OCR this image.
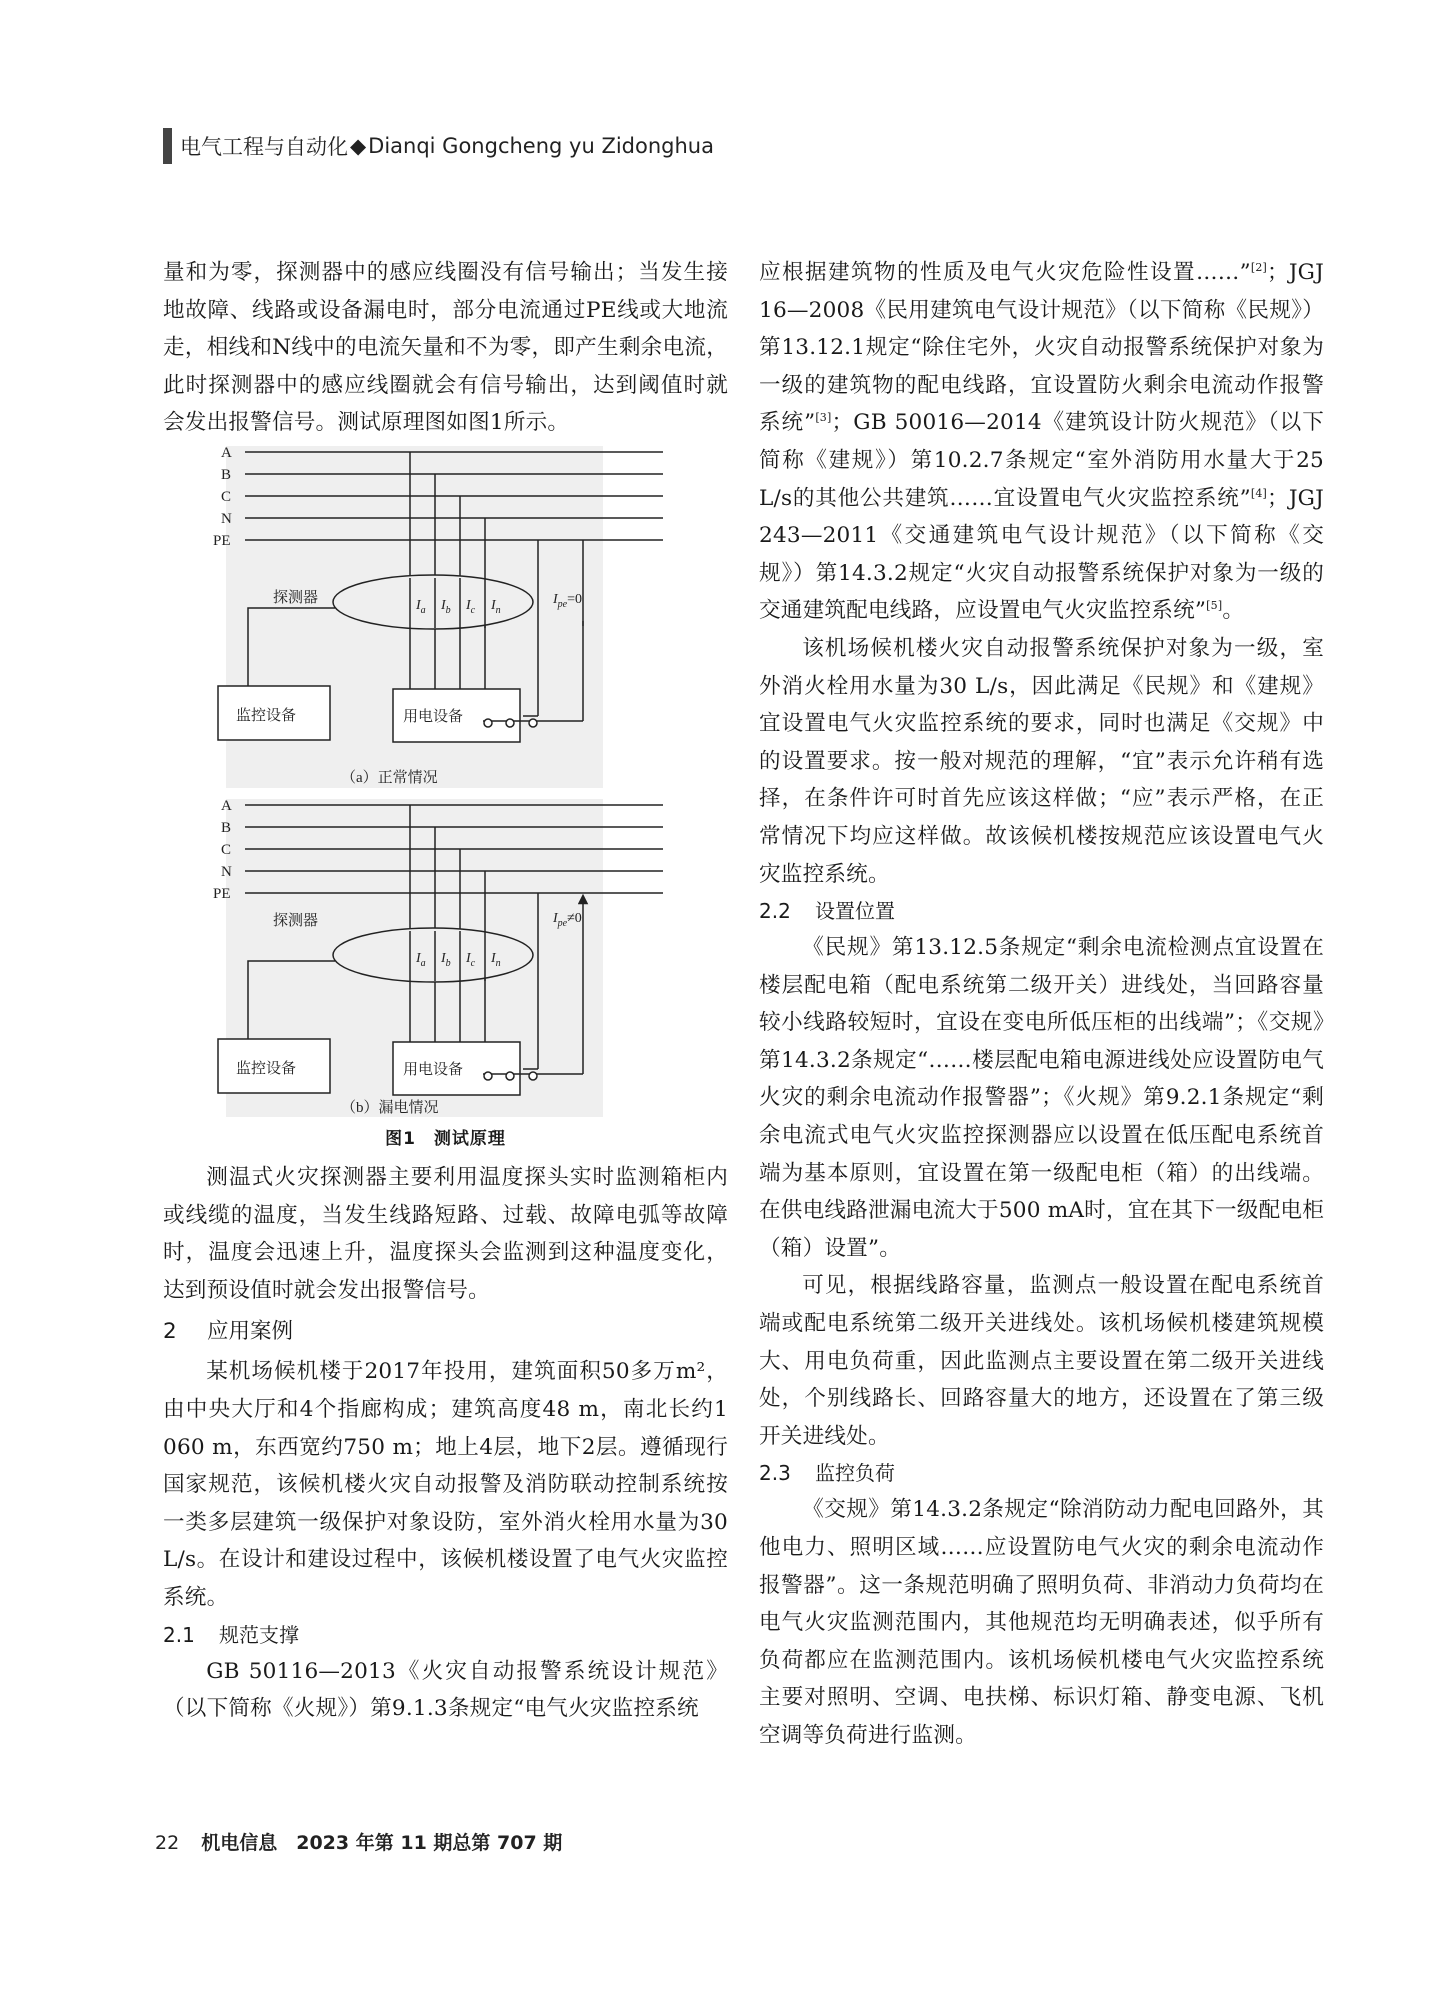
电气工程与自动化 ◆ Dianqi Gongcheng yu Zidonghua

量和为零，探测器中的感应线圈没有信号输出；当发生接地故障、线路或设备漏电时，部分电流通过PE线或大地流走，相线和N线中的电流矢量和不为零，即产生剩余电流，此时探测器中的感应线圈就会有信号输出，达到阈值时就会发出报警信号。测试原理图如图1所示。

A
B
C
N
PE
$I_a$ $I_b$ $I_c$ $I_n$
$I_{pe}=0$
探测器
监控设备	用电设备
（a）正常情况
A
B
C
N
PE
$I_a$ $I_b$ $I_c$ $I_n$
$I_{pe}\ne 0$
探测器
监控设备	用电设备
（b）漏电情况
图1　测试原理

测温式火灾探测器主要利用温度探头实时监测箱柜内或线缆的温度，当发生线路短路、过载、故障电弧等故障时，温度会迅速上升，温度探头会监测到这种温度变化，达到预设值时就会发出报警信号。

2 应用案例

某机场候机楼于2017年投用，建筑面积50多万m²，由中央大厅和4个指廊构成；建筑高度48 m，南北长约1 060 m，东西宽约750 m；地上4层，地下2层。遵循现行国家规范，该候机楼火灾自动报警及消防联动控制系统按一类多层建筑一级保护对象设防，室外消火栓用水量为30 L/s。在设计和建设过程中，该候机楼设置了电气火灾监控系统。

2.1 规范支撑

GB 50116—2013《火灾自动报警系统设计规范》（以下简称《火规》）第9.1.3条规定“电气火灾监控系统

应根据建筑物的性质及电气火灾危险性设置……”[2]；JGJ 16—2008《民用建筑电气设计规范》（以下简称《民规》）第13.12.1规定“除住宅外，火灾自动报警系统保护对象为一级的建筑物的配电线路，宜设置防火剩余电流动作报警系统”[3]；GB 50016—2014《建筑设计防火规范》（以下简称《建规》）第10.2.7条规定“室外消防用水量大于25 L/s的其他公共建筑……宜设置电气火灾监控系统”[4]；JGJ 243—2011《交通建筑电气设计规范》（以下简称《交规》）第14.3.2规定“火灾自动报警系统保护对象为一级的交通建筑配电线路，应设置电气火灾监控系统”[5]。

该机场候机楼火灾自动报警系统保护对象为一级，室外消火栓用水量为30 L/s，因此满足《民规》和《建规》宜设置电气火灾监控系统的要求，同时也满足《交规》中的设置要求。按一般对规范的理解，“宜”表示允许稍有选择，在条件许可时首先应该这样做；“应”表示严格，在正常情况下均应这样做。故该候机楼按规范应该设置电气火灾监控系统。

2.2 设置位置

《民规》第13.12.5条规定“剩余电流检测点宜设置在楼层配电箱（配电系统第二级开关）进线处，当回路容量较小线路较短时，宜设在变电所低压柜的出线端”；《交规》第14.3.2条规定“……楼层配电箱电源进线处应设置防电气火灾的剩余电流动作报警器”；《火规》第9.2.1条规定“剩余电流式电气火灾监控探测器应以设置在低压配电系统首端为基本原则，宜设置在第一级配电柜（箱）的出线端。在供电线路泄漏电流大于500 mA时，宜在其下一级配电柜（箱）设置”。

可见，根据线路容量，监测点一般设置在配电系统首端或配电系统第二级开关进线处。该机场候机楼建筑规模大、用电负荷重，因此监测点主要设置在第二级开关进线处，个别线路长、回路容量大的地方，还设置在了第三级开关进线处。

2.3 监控负荷

《交规》第14.3.2条规定“除消防动力配电回路外，其他电力、照明区域……应设置防电气火灾的剩余电流动作报警器”。这一条规范明确了照明负荷、非消动力负荷均在电气火灾监测范围内，其他规范均无明确表述，似乎所有负荷都应在监测范围内。该机场候机楼电气火灾监控系统主要对照明、空调、电扶梯、标识灯箱、静变电源、飞机空调等负荷进行监测。

22 机电信息　2023 年第 11 期总第 707 期
